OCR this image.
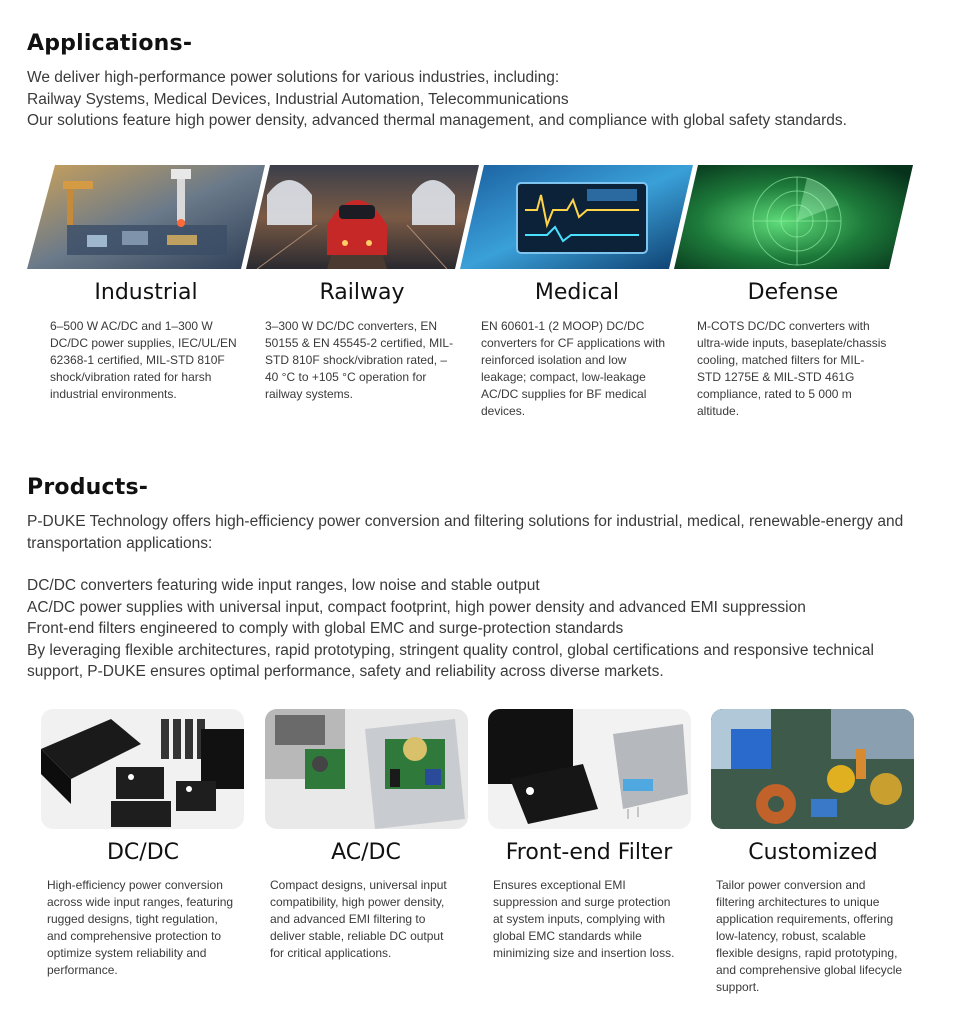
Applications-
We deliver high-performance power solutions for various industries, including:
Railway Systems, Medical Devices, Industrial Automation, Telecommunications
Our solutions feature high power density, advanced thermal management, and compliance with global safety standards.
Industrial	Railway	Medical	Defense
6–500 W AC/DC and 1–300 W DC/DC power supplies, IEC/UL/EN 62368-1 certified, MIL-STD 810F shock/vibration rated for harsh industrial environments.
3–300 W DC/DC converters, EN 50155 & EN 45545-2 certified, MIL-STD 810F shock/vibration rated, –40 °C to +105 °C operation for railway systems.
EN 60601-1 (2 MOOP) DC/DC converters for CF applications with reinforced isolation and low leakage; compact, low-leakage AC/DC supplies for BF medical devices.
M-COTS DC/DC converters with ultra-wide inputs, baseplate/chassis cooling, matched filters for MIL-STD 1275E & MIL-STD 461G compliance, rated to 5 000 m altitude.
Products-
P-DUKE Technology offers high-efficiency power conversion and filtering solutions for industrial, medical, renewable-energy and transportation applications:
DC/DC converters featuring wide input ranges, low noise and stable output
AC/DC power supplies with universal input, compact footprint, high power density and advanced EMI suppression
Front-end filters engineered to comply with global EMC and surge-protection standards
By leveraging flexible architectures, rapid prototyping, stringent quality control, global certifications and responsive technical support, P-DUKE ensures optimal performance, safety and reliability across diverse markets.
DC/DC	AC/DC	Front-end Filter	Customized
High-efficiency power conversion across wide input ranges, featuring rugged designs, tight regulation, and comprehensive protection to optimize system reliability and performance.
Compact designs, universal input compatibility, high power density, and advanced EMI filtering to deliver stable, reliable DC output for critical applications.
Ensures exceptional EMI suppression and surge protection at system inputs, complying with global EMC standards while minimizing size and insertion loss.
Tailor power conversion and filtering architectures to unique application requirements, offering low-latency, robust, scalable flexible designs, rapid prototyping, and comprehensive global lifecycle support.
